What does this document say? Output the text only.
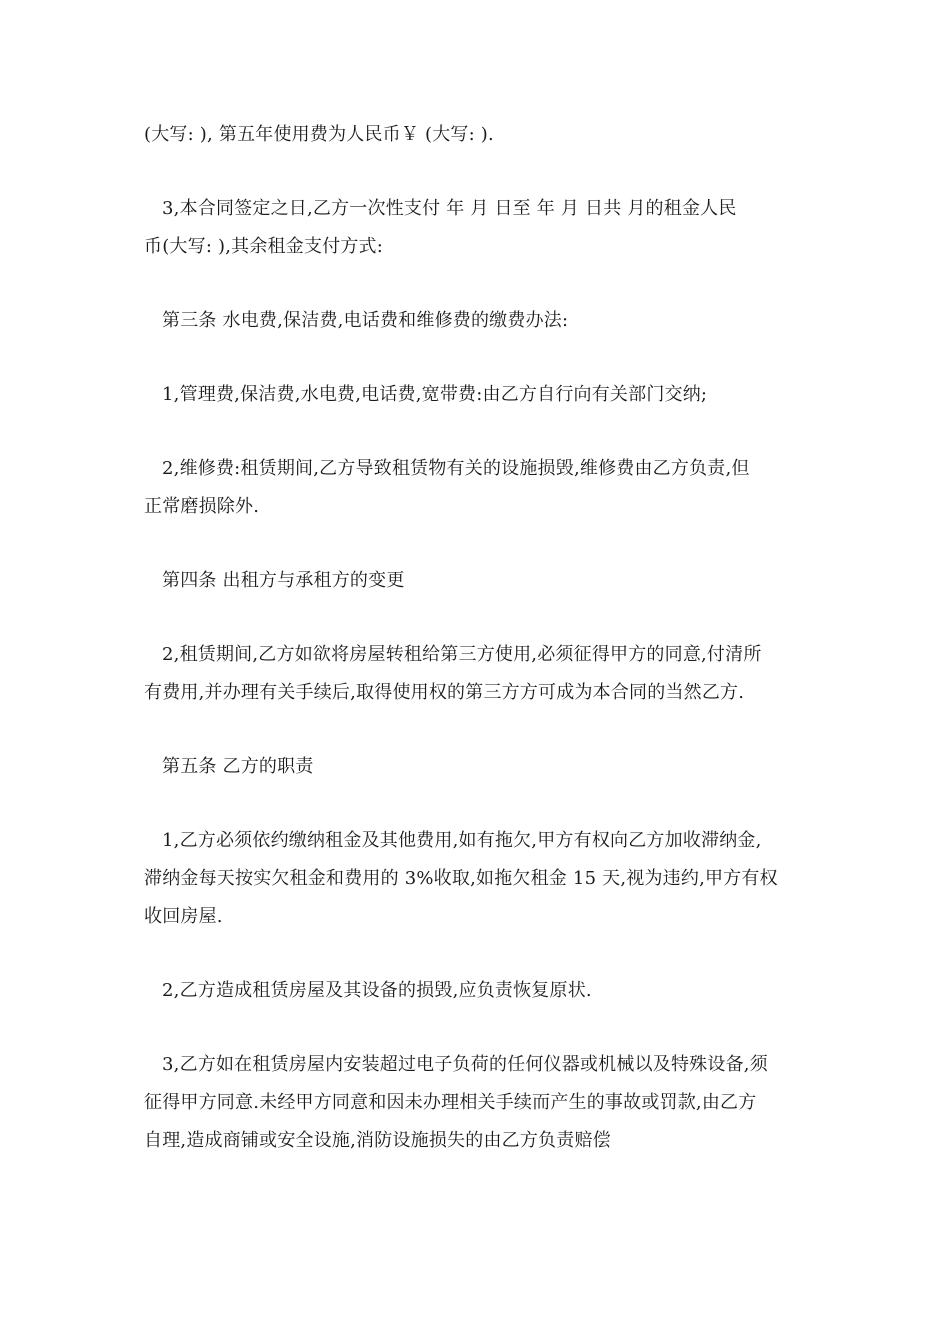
(大写: ), 第五年使用费为人民币￥ (大写: ).
3,本合同签定之日,乙方一次性支付 年 月 日至 年 月 日共 月的租金人民
币(大写: ),其余租金支付方式:
第三条 水电费,保洁费,电话费和维修费的缴费办法:
1,管理费,保洁费,水电费,电话费,宽带费:由乙方自行向有关部门交纳;
2,维修费:租赁期间,乙方导致租赁物有关的设施损毁,维修费由乙方负责,但
正常磨损除外.
第四条 出租方与承租方的变更
2,租赁期间,乙方如欲将房屋转租给第三方使用,必须征得甲方的同意,付清所
有费用,并办理有关手续后,取得使用权的第三方方可成为本合同的当然乙方.
第五条 乙方的职责
1,乙方必须依约缴纳租金及其他费用,如有拖欠,甲方有权向乙方加收滞纳金,
滞纳金每天按实欠租金和费用的 3%收取,如拖欠租金 15 天,视为违约,甲方有权
收回房屋.
2,乙方造成租赁房屋及其设备的损毁,应负责恢复原状.
3,乙方如在租赁房屋内安装超过电子负荷的任何仪器或机械以及特殊设备,须
征得甲方同意.未经甲方同意和因未办理相关手续而产生的事故或罚款,由乙方
自理,造成商铺或安全设施,消防设施损失的由乙方负责赔偿
